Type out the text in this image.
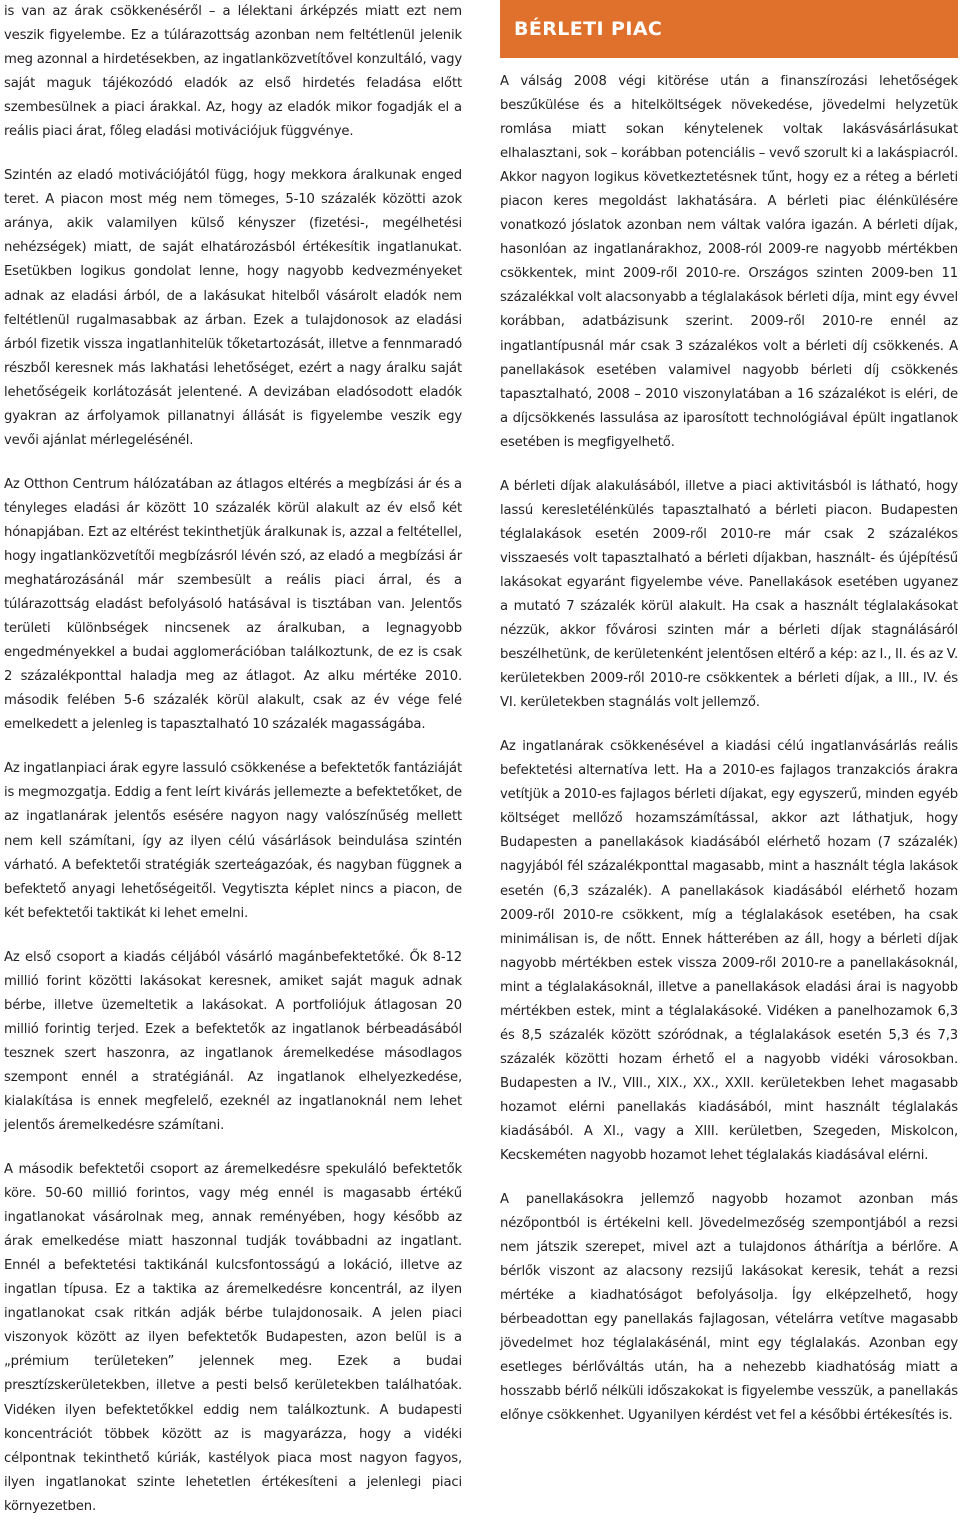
is van az árak csökkenéséről – a lélektani árképzés miatt ezt nem veszik figyelembe. Ez a túlárazottság azonban nem feltétlenül jelenik meg azonnal a hirdetésekben, az ingatlanközvetítővel konzultáló, vagy saját maguk tájékozódó eladók az első hirdetés feladása előtt szembesülnek a piaci árakkal. Az, hogy az eladók mikor fogadják el a reális piaci árat, főleg eladási motivációjuk függvénye.

Szintén az eladó motivációjától függ, hogy mekkora áralkunak enged teret. A piacon most még nem tömeges, 5-10 százalék közötti azok aránya, akik valamilyen külső kényszer (fizetési-, megélhetési nehézségek) miatt, de saját elhatározásból értékesítik ingatlanukat. Esetükben logikus gondolat lenne, hogy nagyobb kedvezményeket adnak az eladási árból, de a lakásukat hitelből vásárolt eladók nem feltétlenül rugalmasabbak az árban. Ezek a tulajdonosok az eladási árból fizetik vissza ingatlanhitelük tőketartozását, illetve a fennmaradó részből keresnek más lakhatási lehetőséget, ezért a nagy áralku saját lehetőségeik korlátozását jelentené. A devizában eladósodott eladók gyakran az árfolyamok pillanatnyi állását is figyelembe veszik egy vevői ajánlat mérlegelésénél.

Az Otthon Centrum hálózatában az átlagos eltérés a megbízási ár és a tényleges eladási ár között 10 százalék körül alakult az év első két hónapjában. Ezt az eltérést tekinthetjük áralkunak is, azzal a feltétellel, hogy ingatlanközvetítői megbízásról lévén szó, az eladó a megbízási ár meghatározásánál már szembesült a reális piaci árral, és a túlárazottság eladást befolyásoló hatásával is tisztában van. Jelentős területi különbségek nincsenek az áralkuban, a legnagyobb engedményekkel a budai agglomerációban találkoztunk, de ez is csak 2 százalékponttal haladja meg az átlagot. Az alku mértéke 2010. második felében 5-6 százalék körül alakult, csak az év vége felé emelkedett a jelenleg is tapasztalható 10 százalék magasságába.

Az ingatlanpiaci árak egyre lassuló csökkenése a befektetők fantáziáját is megmozgatja. Eddig a fent leírt kivárás jellemezte a befektetőket, de az ingatlanárak jelentős esésére nagyon nagy valószínűség mellett nem kell számítani, így az ilyen célú vásárlások beindulása szintén várható. A befektetői stratégiák szerteágazóak, és nagyban függnek a befektető anyagi lehetőségeitől. Vegytiszta képlet nincs a piacon, de két befektetői taktikát ki lehet emelni.

Az első csoport a kiadás céljából vásárló magánbefektetőké. Ők 8-12 millió forint közötti lakásokat keresnek, amiket saját maguk adnak bérbe, illetve üzemeltetik a lakásokat. A portfoliójuk átlagosan 20 millió forintig terjed. Ezek a befektetők az ingatlanok bérbeadásából tesznek szert haszonra, az ingatlanok áremelkedése másodlagos szempont ennél a stratégiánál. Az ingatlanok elhelyezkedése, kialakítása is ennek megfelelő, ezeknél az ingatlanoknál nem lehet jelentős áremelkedésre számítani.

A második befektetői csoport az áremelkedésre spekuláló befektetők köre. 50-60 millió forintos, vagy még ennél is magasabb értékű ingatlanokat vásárolnak meg, annak reményében, hogy később az árak emelkedése miatt haszonnal tudják továbbadni az ingatlant. Ennél a befektetési taktikánál kulcsfontosságú a lokáció, illetve az ingatlan típusa. Ez a taktika az áremelkedésre koncentrál, az ilyen ingatlanokat csak ritkán adják bérbe tulajdonosaik. A jelen piaci viszonyok között az ilyen befektetők Budapesten, azon belül is a „prémium területeken” jelennek meg. Ezek a budai presztízskerületekben, illetve a pesti belső kerületekben találhatóak. Vidéken ilyen befektetőkkel eddig nem találkoztunk. A budapesti koncentrációt többek között az is magyarázza, hogy a vidéki célpontnak tekinthető kúriák, kastélyok piaca most nagyon fagyos, ilyen ingatlanokat szinte lehetetlen értékesíteni a jelenlegi piaci környezetben.

BÉRLETI PIAC

A válság 2008 végi kitörése után a finanszírozási lehetőségek beszűkülése és a hitelköltségek növekedése, jövedelmi helyzetük romlása miatt sokan kénytelenek voltak lakásvásárlásukat elhalasztani, sok – korábban potenciális – vevő szorult ki a lakáspiacról. Akkor nagyon logikus következtetésnek tűnt, hogy ez a réteg a bérleti piacon keres megoldást lakhatására. A bérleti piac élénkülésére vonatkozó jóslatok azonban nem váltak valóra igazán. A bérleti díjak, hasonlóan az ingatlanárakhoz, 2008-ról 2009-re nagyobb mértékben csökkentek, mint 2009-ről 2010-re. Országos szinten 2009-ben 11 százalékkal volt alacsonyabb a téglalakások bérleti díja, mint egy évvel korábban, adatbázisunk szerint. 2009-ről 2010-re ennél az ingatlantípusnál már csak 3 százalékos volt a bérleti díj csökkenés. A panellakások esetében valamivel nagyobb bérleti díj csökkenés tapasztalható, 2008 – 2010 viszonylatában a 16 százalékot is eléri, de a díjcsökkenés lassulása az iparosított technológiával épült ingatlanok esetében is megfigyelhető.

A bérleti díjak alakulásából, illetve a piaci aktivitásból is látható, hogy lassú keresletélénkülés tapasztalható a bérleti piacon. Budapesten téglalakások esetén 2009-ről 2010-re már csak 2 százalékos visszaesés volt tapasztalható a bérleti díjakban, használt- és újépítésű lakásokat egyaránt figyelembe véve. Panellakások esetében ugyanez a mutató 7 százalék körül alakult. Ha csak a használt téglalakásokat nézzük, akkor fővárosi szinten már a bérleti díjak stagnálásáról beszélhetünk, de kerületenként jelentősen eltérő a kép: az I., II. és az V. kerületekben 2009-ről 2010-re csökkentek a bérleti díjak, a III., IV. és VI. kerületekben stagnálás volt jellemző.

Az ingatlanárak csökkenésével a kiadási célú ingatlanvásárlás reális befektetési alternatíva lett. Ha a 2010-es fajlagos tranzakciós árakra vetítjük a 2010-es fajlagos bérleti díjakat, egy egyszerű, minden egyéb költséget mellőző hozamszámítással, akkor azt láthatjuk, hogy Budapesten a panellakások kiadásából elérhető hozam (7 százalék) nagyjából fél százalékponttal magasabb, mint a használt tégla lakások esetén (6,3 százalék). A panellakások kiadásából elérhető hozam 2009-ről 2010-re csökkent, míg a téglalakások esetében, ha csak minimálisan is, de nőtt. Ennek hátterében az áll, hogy a bérleti díjak nagyobb mértékben estek vissza 2009-ről 2010-re a panellakásoknál, mint a téglalakásoknál, illetve a panellakások eladási árai is nagyobb mértékben estek, mint a téglalakásoké. Vidéken a panelhozamok 6,3 és 8,5 százalék között szóródnak, a téglalakások esetén 5,3 és 7,3 százalék közötti hozam érhető el a nagyobb vidéki városokban. Budapesten a IV., VIII., XIX., XX., XXII. kerületekben lehet magasabb hozamot elérni panellakás kiadásából, mint használt téglalakás kiadásából. A XI., vagy a XIII. kerületben, Szegeden, Miskolcon, Kecskeméten nagyobb hozamot lehet téglalakás kiadásával elérni.

A panellakásokra jellemző nagyobb hozamot azonban más nézőpontból is értékelni kell. Jövedelmezőség szempontjából a rezsi nem játszik szerepet, mivel azt a tulajdonos áthárítja a bérlőre. A bérlők viszont az alacsony rezsijű lakásokat keresik, tehát a rezsi mértéke a kiadhatóságot befolyásolja. Így elképzelhető, hogy bérbeadottan egy panellakás fajlagosan, vételárra vetítve magasabb jövedelmet hoz téglalakásénál, mint egy téglalakás. Azonban egy esetleges bérlőváltás után, ha a nehezebb kiadhatóság miatt a hosszabb bérlő nélküli időszakokat is figyelembe vesszük, a panellakás előnye csökkenhet. Ugyanilyen kérdést vet fel a későbbi értékesítés is.
